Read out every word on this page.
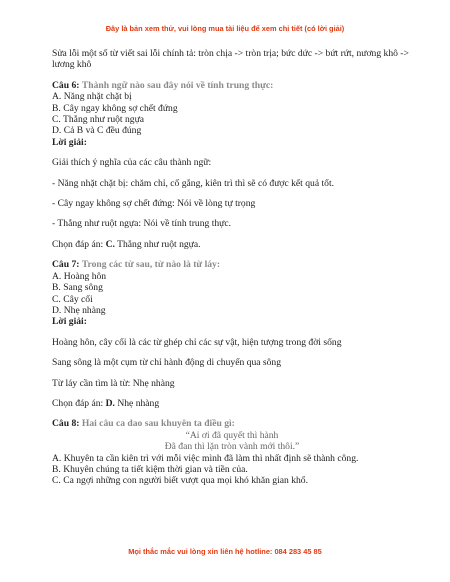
Đây là bản xem thử, vui lòng mua tài liệu để xem chi tiết (có lời giải)

Sửa lỗi một số từ viết sai lỗi chính tả: tròn chịa -> tròn trịa; bức dức -> bứt rứt, nương khô -> lương khô

Câu 6: Thành ngữ nào sau đây nói về tính trung thực:

A. Năng nhặt chặt bị

B. Cây ngay không sợ chết đứng

C. Thẳng như ruột ngựa

D. Cả B và C đều đúng

Lời giải:

Giải thích ý nghĩa của các câu thành ngữ:

- Năng nhặt chặt bị: chăm chỉ, cố gắng, kiên trì thì sẽ có được kết quả tốt.

- Cây ngay không sợ chết đứng: Nói về lòng tự trọng

- Thẳng như ruột ngựa: Nói về tính trung thực.

Chọn đáp án: C. Thẳng như ruột ngựa.

Câu 7: Trong các từ sau, từ nào là từ láy:

A. Hoàng hôn

B. Sang sông

C. Cây cối

D. Nhẹ nhàng

Lời giải:

Hoàng hôn, cây cối là các từ ghép chỉ các sự vật, hiện tượng trong đời sống

Sang sông là một cụm từ chỉ hành động di chuyển qua sông

Từ láy cần tìm là từ: Nhẹ nhàng

Chọn đáp án: D. Nhẹ nhàng

Câu 8: Hai câu ca dao sau khuyên ta điều gì:

“Ai ơi đã quyết thì hành

Đã đan thì lặn tròn vành mới thôi.”

A. Khuyên ta cần kiên trì với mỗi việc mình đã làm thì nhất định sẽ thành công.

B. Khuyên chúng ta tiết kiệm thời gian và tiền của.

C. Ca ngợi những con người biết vượt qua mọi khó khăn gian khổ.

Mọi thắc mắc vui lòng xin liên hệ hotline: 084 283 45 85
